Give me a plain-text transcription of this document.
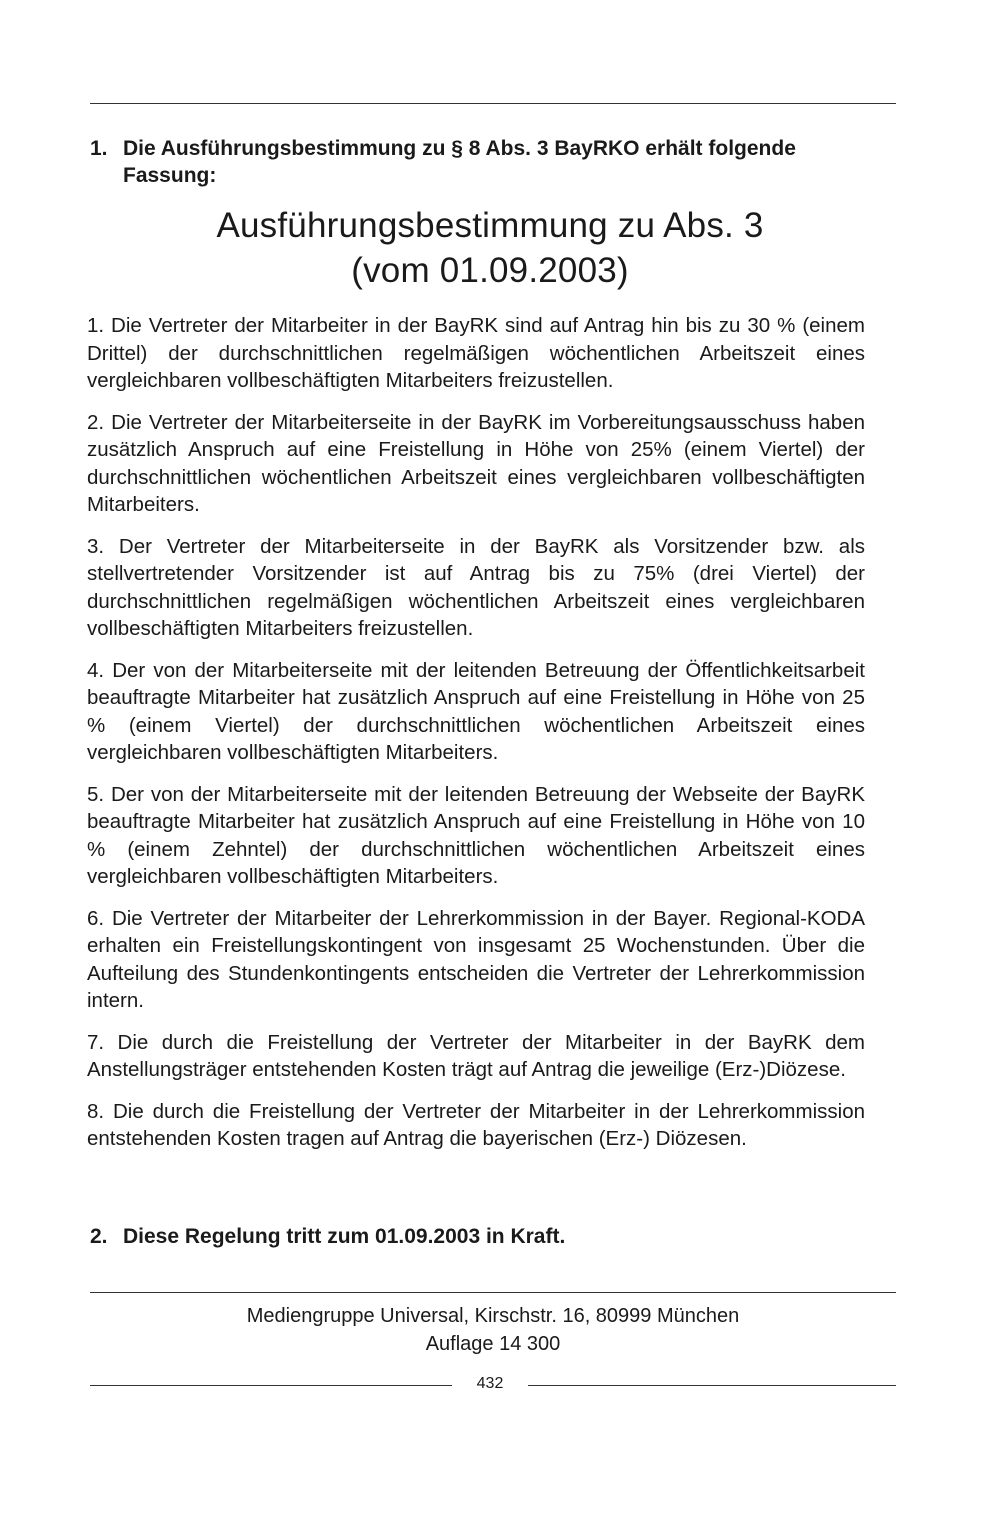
1. Die Ausführungsbestimmung zu § 8 Abs. 3 BayRKO erhält folgende Fassung:
Ausführungsbestimmung zu Abs. 3
(vom 01.09.2003)

1. Die Vertreter der Mitarbeiter in der BayRK sind auf Antrag hin bis zu 30 % (einem Drittel) der durchschnittlichen regelmäßigen wöchentlichen Arbeitszeit eines vergleichbaren vollbeschäftigten Mitarbeiters freizustellen.

2. Die Vertreter der Mitarbeiterseite in der BayRK im Vorbereitungsausschuss haben zusätzlich Anspruch auf eine Freistellung in Höhe von 25% (einem Viertel) der durchschnittlichen wöchentlichen Arbeitszeit eines vergleichbaren vollbeschäftigten Mitarbeiters.

3. Der Vertreter der Mitarbeiterseite in der BayRK als Vorsitzender bzw. als stellvertretender Vorsitzender ist auf Antrag bis zu 75% (drei Viertel) der durchschnittlichen regelmäßigen wöchentlichen Arbeitszeit eines vergleichbaren vollbeschäftigten Mitarbeiters freizustellen.

4. Der von der Mitarbeiterseite mit der leitenden Betreuung der Öffentlichkeitsarbeit beauftragte Mitarbeiter hat zusätzlich Anspruch auf eine Freistellung in Höhe von 25 % (einem Viertel) der durchschnittlichen wöchentlichen Arbeitszeit eines vergleichbaren vollbeschäftigten Mitarbeiters.

5. Der von der Mitarbeiterseite mit der leitenden Betreuung der Webseite der BayRK beauftragte Mitarbeiter hat zusätzlich Anspruch auf eine Freistellung in Höhe von 10 % (einem Zehntel) der durchschnittlichen wöchentlichen Arbeitszeit eines vergleichbaren vollbeschäftigten Mitarbeiters.

6. Die Vertreter der Mitarbeiter der Lehrerkommission in der Bayer. Regional-KODA erhalten ein Freistellungskontingent von insgesamt 25 Wochenstunden. Über die Aufteilung des Stundenkontingents entscheiden die Vertreter der Lehrerkommission intern.

7. Die durch die Freistellung der Vertreter der Mitarbeiter in der BayRK dem Anstellungsträger entstehenden Kosten trägt auf Antrag die jeweilige (Erz-)Diözese.

8. Die durch die Freistellung der Vertreter der Mitarbeiter in der Lehrerkommission entstehenden Kosten tragen auf Antrag die bayerischen (Erz-) Diözesen.

2. Diese Regelung tritt zum 01.09.2003 in Kraft.
Mediengruppe Universal, Kirschstr. 16, 80999 München
Auflage 14 300
432
